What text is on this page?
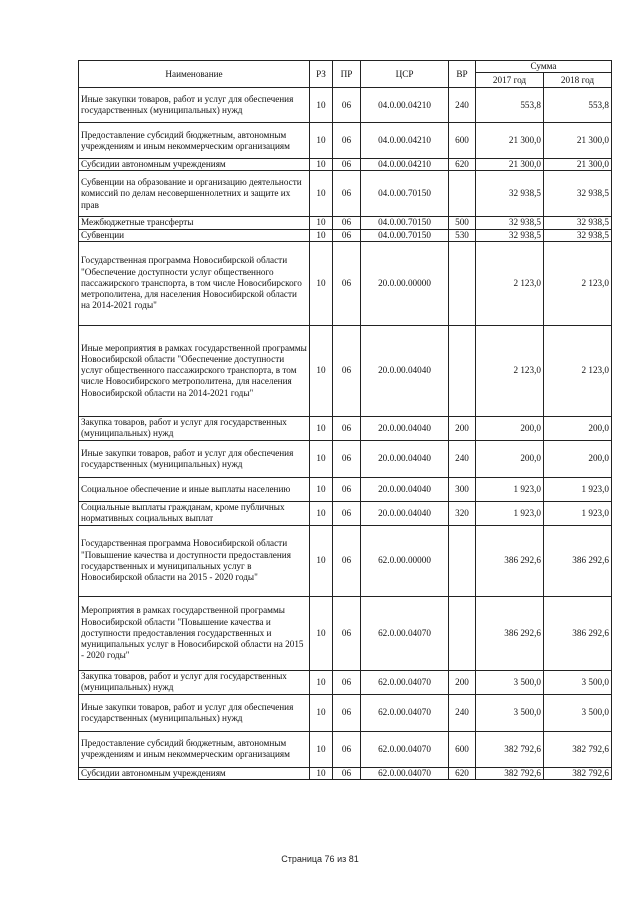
Наименование	РЗ	ПР	ЦСР	ВР	Сумма	
					2017 год	2018 год
Иные закупки товаров, работ и услуг для обеспечения государственных (муниципальных) нужд	10	06	04.0.00.04210	240	553,8	553,8
Предоставление субсидий бюджетным, автономным учреждениям и иным некоммерческим организациям	10	06	04.0.00.04210	600	21 300,0	21 300,0
Субсидии автономным учреждениям	10	06	04.0.00.04210	620	21 300,0	21 300,0
Субвенции на образование и организацию деятельности комиссий по делам несовершеннолетних и защите их прав	10	06	04.0.00.70150		32 938,5	32 938,5
Межбюджетные трансферты	10	06	04.0.00.70150	500	32 938,5	32 938,5
Субвенции	10	06	04.0.00.70150	530	32 938,5	32 938,5
Государственная программа Новосибирской области "Обеспечение доступности услуг общественного пассажирского транспорта, в том числе Новосибирского метрополитена, для населения Новосибирской области на 2014-2021 годы"	10	06	20.0.00.00000		2 123,0	2 123,0
Иные мероприятия в рамках государственной программы Новосибирской области "Обеспечение доступности услуг общественного пассажирского транспорта, в том числе Новосибирского метрополитена, для населения Новосибирской области на 2014-2021 годы"	10	06	20.0.00.04040		2 123,0	2 123,0
Закупка товаров, работ и услуг для государственных (муниципальных) нужд	10	06	20.0.00.04040	200	200,0	200,0
Иные закупки товаров, работ и услуг для обеспечения государственных (муниципальных) нужд	10	06	20.0.00.04040	240	200,0	200,0
Социальное обеспечение и иные выплаты населению	10	06	20.0.00.04040	300	1 923,0	1 923,0
Социальные выплаты гражданам, кроме публичных нормативных социальных выплат	10	06	20.0.00.04040	320	1 923,0	1 923,0
Государственная программа Новосибирской области "Повышение качества и доступности предоставления государственных и муниципальных услуг в Новосибирской области на 2015 - 2020 годы"	10	06	62.0.00.00000		386 292,6	386 292,6
Мероприятия в рамках государственной программы Новосибирской области "Повышение качества и доступности предоставления государственных и муниципальных услуг в Новосибирской области на 2015 - 2020 годы"	10	06	62.0.00.04070		386 292,6	386 292,6
Закупка товаров, работ и услуг для государственных (муниципальных) нужд	10	06	62.0.00.04070	200	3 500,0	3 500,0
Иные закупки товаров, работ и услуг для обеспечения государственных (муниципальных) нужд	10	06	62.0.00.04070	240	3 500,0	3 500,0
Предоставление субсидий бюджетным, автономным учреждениям и иным некоммерческим организациям	10	06	62.0.00.04070	600	382 792,6	382 792,6
Субсидии автономным учреждениям	10	06	62.0.00.04070	620	382 792,6	382 792,6
Страница 76 из 81
